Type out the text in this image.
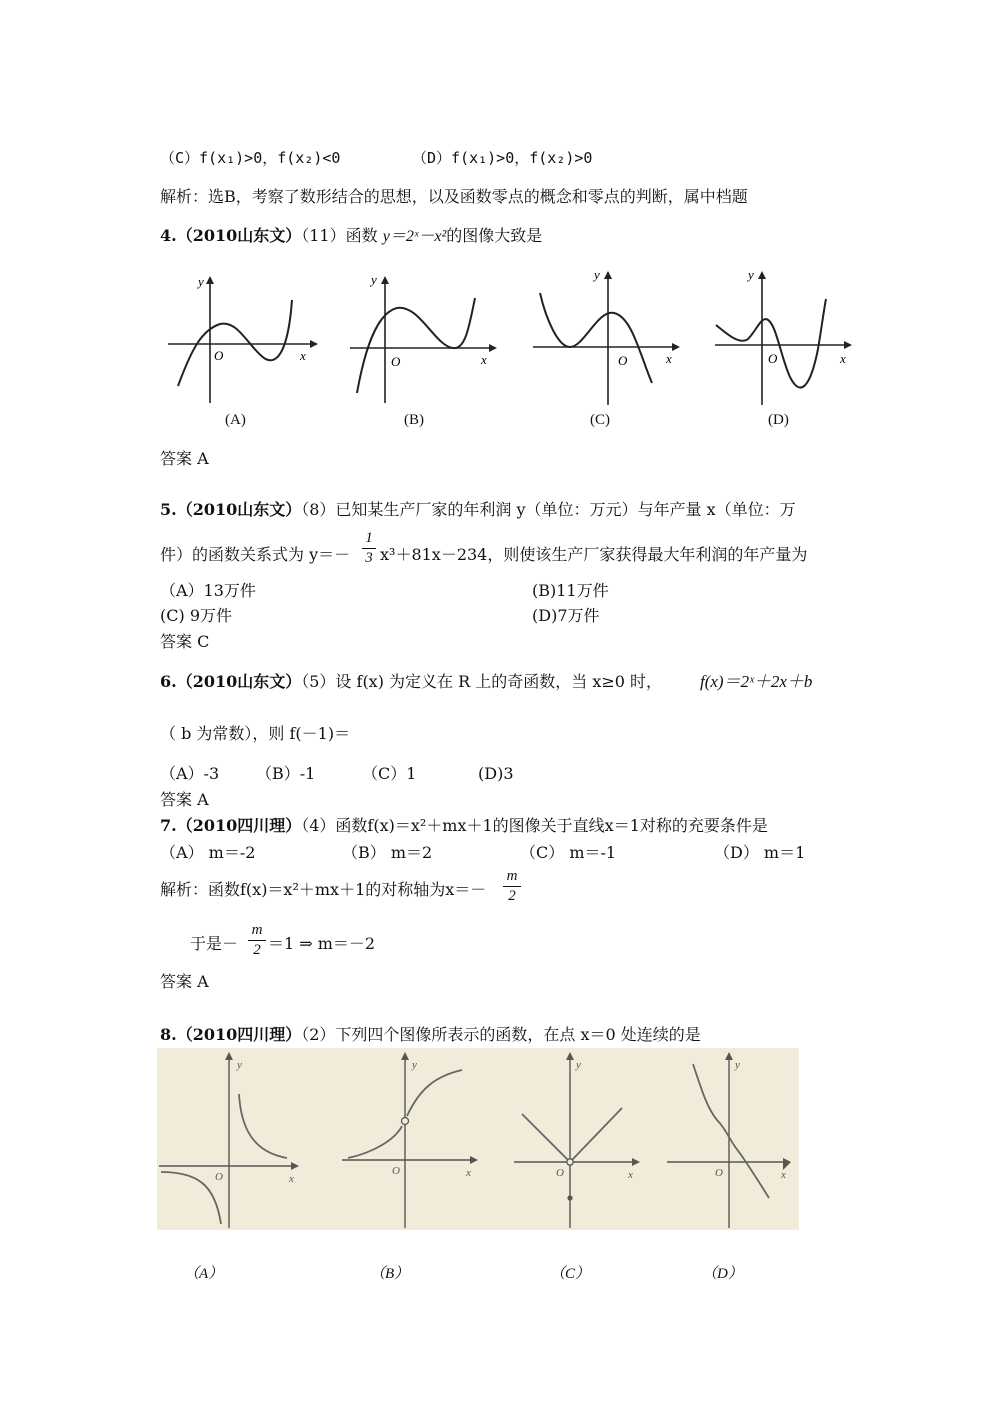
（C）f(x₁)>0，f(x₂)<0	（D）f(x₁)>0，f(x₂)>0
解析：选B，考察了数形结合的思想，以及函数零点的概念和零点的判断，属中档题
4.（2010山东文）（11）函数 y＝2ˣ－x²的图像大致是
y
O	x
y
O	x
y
O	x
y
O	x
(A)	(B)	(C)	(D)
答案 A
5.（2010山东文）（8）已知某生产厂家的年利润 y（单位：万元）与年产量 x（单位：万
件）的函数关系式为 y＝－
1
3 x³＋81x－234，则使该生产厂家获得最大年利润的年产量为
（A）13万件	(B)11万件
(C) 9万件	(D)7万件
答案 C
6.（2010山东文）（5）设 f(x) 为定义在 R 上的奇函数，当 x≥0 时， f(x)＝2ˣ＋2x＋b
（ b 为常数），则 f(－1)＝
（A）-3 （B）-1	（C）1	(D)3
答案 A
7.（2010四川理）（4）函数f(x)＝x²＋mx＋1的图像关于直线x＝1对称的充要条件是
（A） m＝-2	（B） m＝2	（C） m＝-1	（D） m＝1
解析：函数f(x)＝x²＋mx＋1的对称轴为x＝－
m
2
于是－
m
2 ＝1 ⇒ m＝－2
答案 A
8.（2010四川理）（2）下列四个图像所表示的函数，在点 x＝0 处连续的是
y
O	x
y
O	x
y
O	x
y
O	x
（A）	（B）	（C）	（D）
